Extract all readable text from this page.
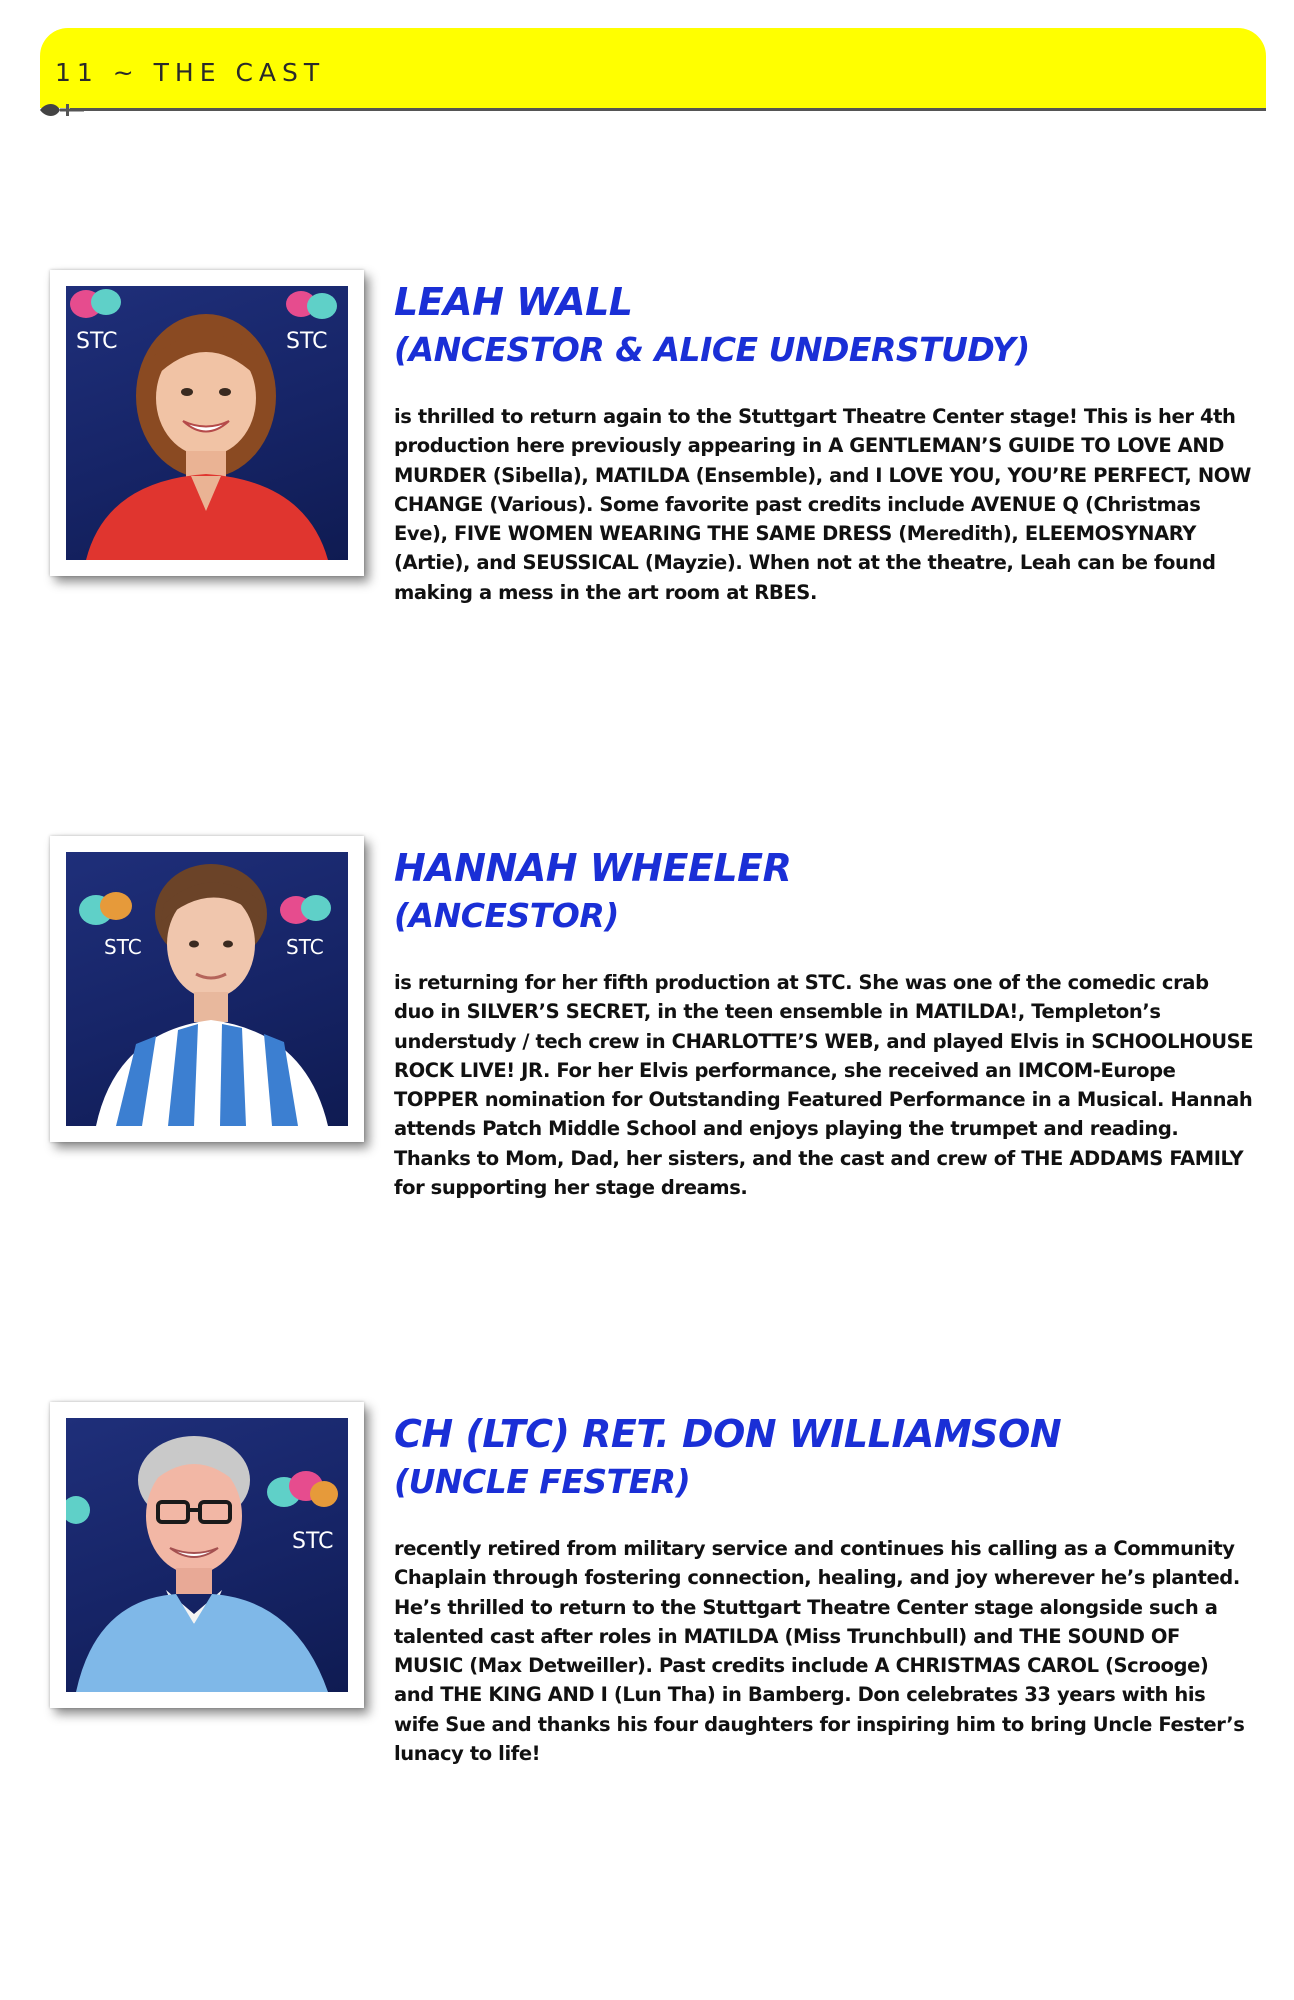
11 ~ THE CAST
STC	STC
LEAH WALL
(ANCESTOR & ALICE UNDERSTUDY)

is thrilled to return again to the Stuttgart Theatre Center stage! This is her 4th production here previously appearing in A GENTLEMAN’S GUIDE TO LOVE AND MURDER (Sibella), MATILDA (Ensemble), and I LOVE YOU, YOU’RE PERFECT, NOW CHANGE (Various). Some favorite past credits include AVENUE Q (Christmas Eve), FIVE WOMEN WEARING THE SAME DRESS (Meredith), ELEEMOSYNARY (Artie), and SEUSSICAL (Mayzie). When not at the theatre, Leah can be found making a mess in the art room at RBES.

STC	STC
HANNAH WHEELER
(ANCESTOR)

is returning for her fifth production at STC. She was one of the comedic crab duo in SILVER’S SECRET, in the teen ensemble in MATILDA!, Templeton’s understudy / tech crew in CHARLOTTE’S WEB, and played Elvis in SCHOOLHOUSE ROCK LIVE! JR. For her Elvis performance, she received an IMCOM-Europe TOPPER nomination for Outstanding Featured Performance in a Musical. Hannah attends Patch Middle School and enjoys playing the trumpet and reading. Thanks to Mom, Dad, her sisters, and the cast and crew of THE ADDAMS FAMILY for supporting her stage dreams.

STC
CH (LTC) RET. DON WILLIAMSON
(UNCLE FESTER)

recently retired from military service and continues his calling as a Community Chaplain through fostering connection, healing, and joy wherever he’s planted. He’s thrilled to return to the Stuttgart Theatre Center stage alongside such a talented cast after roles in MATILDA (Miss Trunchbull) and THE SOUND OF MUSIC (Max Detweiller). Past credits include A CHRISTMAS CAROL (Scrooge) and THE KING AND I (Lun Tha) in Bamberg. Don celebrates 33 years with his wife Sue and thanks his four daughters for inspiring him to bring Uncle Fester’s lunacy to life!
